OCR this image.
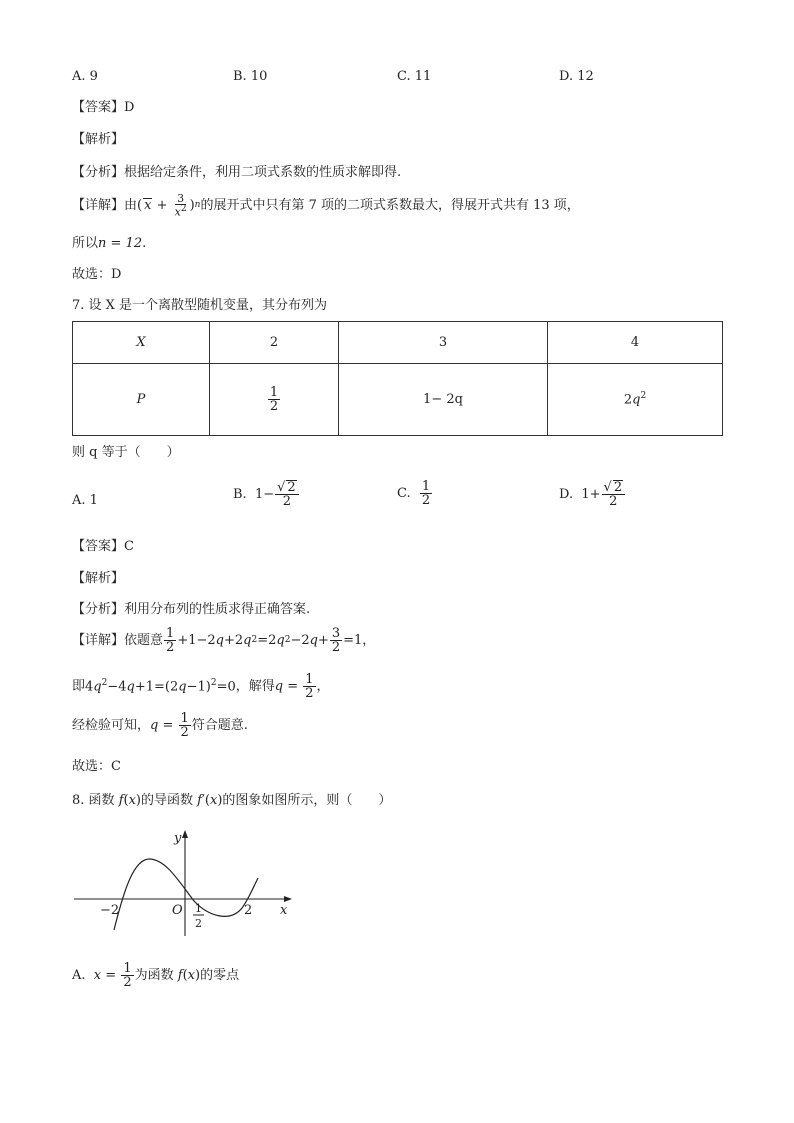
A. 9	B. 10	C. 11	D. 12
【答案】D
【解析】
【分析】根据给定条件，利用二项式系数的性质求解即得.
【详解】 由 ( $x + \frac{3}{x^2}$ ) n 的展开式中只有第 7 项的二项式系数最大，得展开式共有 13 项，
所以n = 12.
故选：D
7. 设 X 是一个离散型随机变量，其分布列为
X	2	3	4
P	$\frac{1}{2}$	1− 2q	$2q^2$
则 q 等于（　　）
A. 1	B. $1- \frac{√ 2}{2}$	C.
$\frac{1}{2}$	D. $1+ \frac{√ 2}{2}$
【答案】C
【解析】
【分析】利用分布列的性质求得正确答案.
【详解】 依题意 $\frac{1}{2} +1-2$ q +2 q 2 =2 q 2 −2 $q + \frac{3}{2} =1$，
即 $4q^2-4q+1=(2q-1)^2=0$ ，解得 $q = \frac{1}{2}$ ，
经检验可知， $q = \frac{1}{2}$ 符合题意.
故选：C
8. 函数
f ( x ) 的导函数
f ′( x ) 的图象如图所示，则（　　）
y
x
O
−2	2
1
2
A.
$x = \frac{1}{2}$ 为函数
f ( x ) 的零点
